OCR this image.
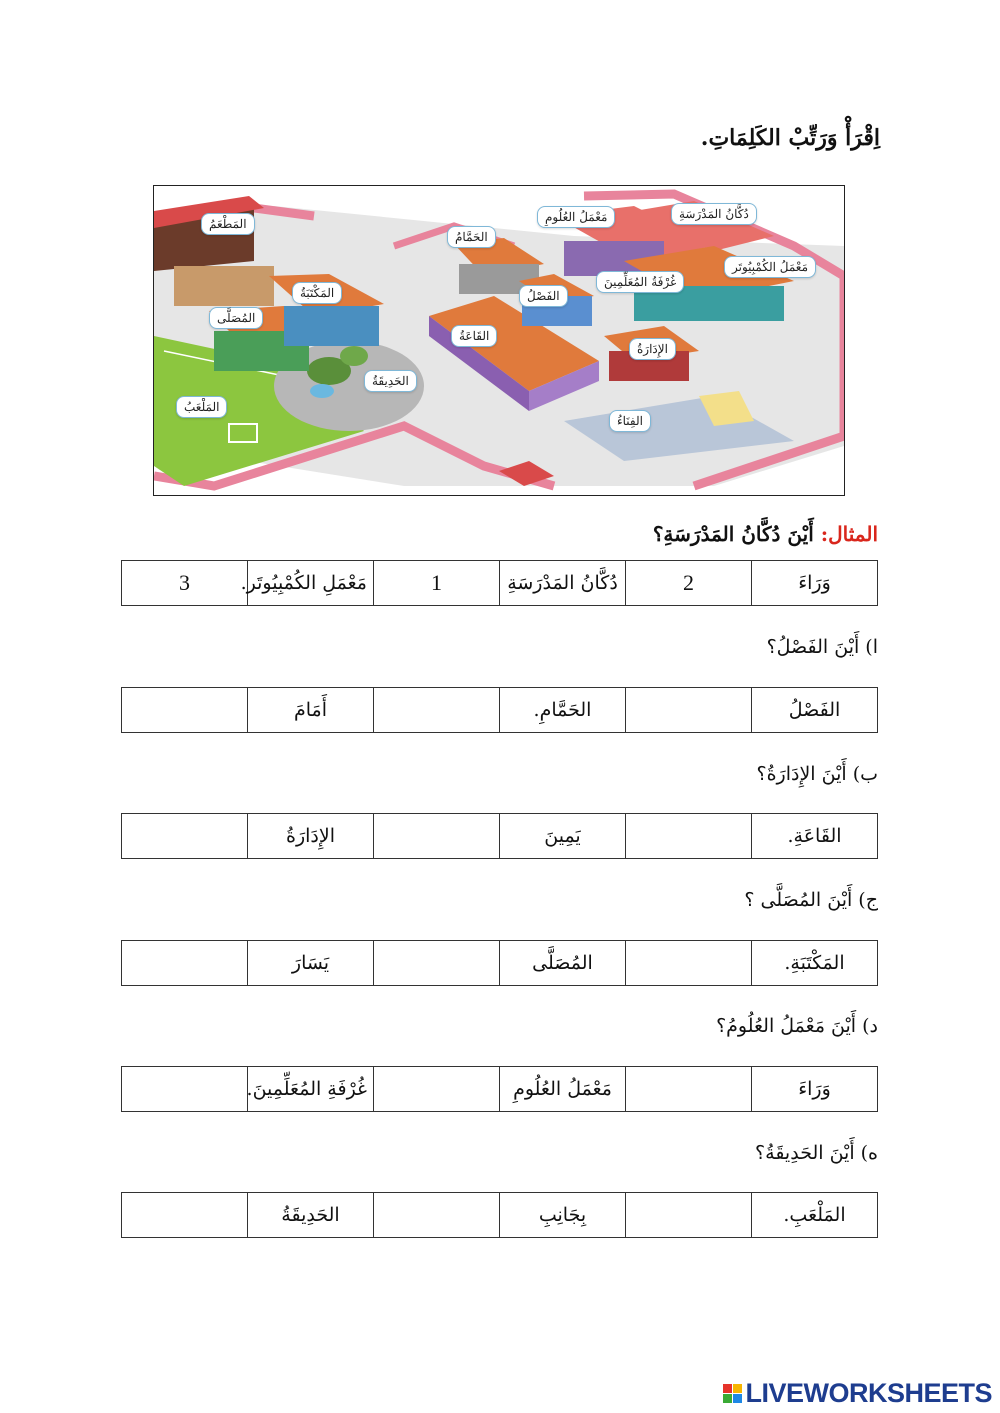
اِقْرَأْ وَرَتِّبْ الكَلِمَاتِ.
المَطْعَمُ
المَكْتَبَةُ
المُصَلَّى
الحَدِيقَةُ
المَلْعَبُ
الحَمَّامُ
مَعْمَلُ العُلُومِ	دُكَّانُ المَدْرَسَةِ
مَعْمَلُ الكُمْبِيُوتَر
غُرْفَةُ المُعَلِّمِينَ
الفَصْلُ
القَاعَةُ
الإِدَارَةُ
الفِنَاءُ
المثال: أَيْنَ دُكَّانُ المَدْرَسَةِ؟
وَرَاءَ	2	دُكَّانُ المَدْرَسَةِ	1	مَعْمَلِ الكُمْبِيُوتَر.	3
ا) أَيْنَ الفَصْلُ؟
الفَصْلُ		الحَمَّامِ.		أَمَامَ	
ب) أَيْنَ الإِدَارَةُ؟
القَاعَةِ.		يَمِينَ		الإِدَارَةُ	
ج) أَيْنَ المُصَلَّى ؟
المَكْتَبَةِ.		المُصَلَّى		يَسَارَ	
د) أَيْنَ مَعْمَلُ العُلُومُ؟
وَرَاءَ		مَعْمَلُ العُلُومِ		غُرْفَةِ المُعَلِّمِينَ.	
ه) أَيْنَ الحَدِيقَةُ؟
المَلْعَبِ.		بِجَانِبِ		الحَدِيقَةُ	
LIVEWORKSHEETS
